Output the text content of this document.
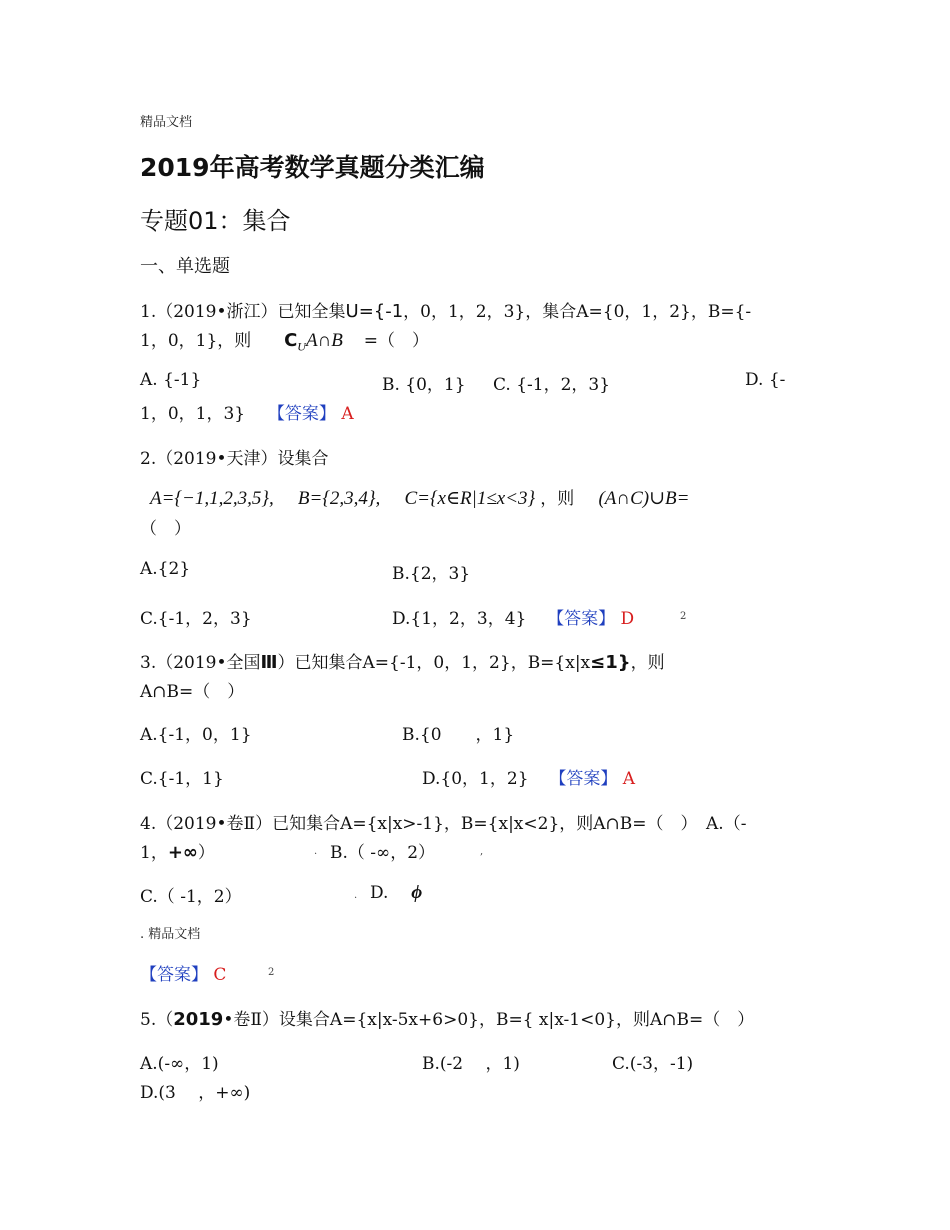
精品文档
2019年高考数学真题分类汇编
专题01：集合
一、单选题
1.（2019•浙江）已知全集U={-1，0，1，2，3}，集合A={0，1，2}，B={-
1，0，1}，则 $C_UA\cap B$ =（　）
A. {-1}	B. {0，1} C. {-1，2，3}	D. {-
1，0，1，3} 【答案】 A
2.（2019•天津）设集合
A={−1,1,2,3,5}, B={2,3,4}, C={x∈R|1≤x<3} ，则 (A∩C)∪B=
（　）
A.{2}	B.{2，3}
C.{-1，2，3}	D.{1，2，3，4} 【答案】 D	2
3.（2019•全国Ⅲ）已知集合A={-1，0，1，2}，B={x|x≤1}，则
A∩B=（　）
A.{-1，0，1}	B.{0　　，1}
C.{-1，1}	D.{0，1，2} 【答案】 A
4.（2019•卷Ⅱ）已知集合A={x|x>-1}，B={x|x<2}，则A∩B=（　）　A.（-
1，+∞）	. B.（ -∞，2）	,
C.（ -1，2）	. D. ϕ
. 精品文档
【答案】 C	2
5.（2019•卷Ⅱ）设集合A={x|x-5x+6>0}，B={ x|x-1<0}，则A∩B=（　）
A.(-∞，1)	B.(-2　 ，1)	C.(-3，-1)
D.(3　 ，+∞)
